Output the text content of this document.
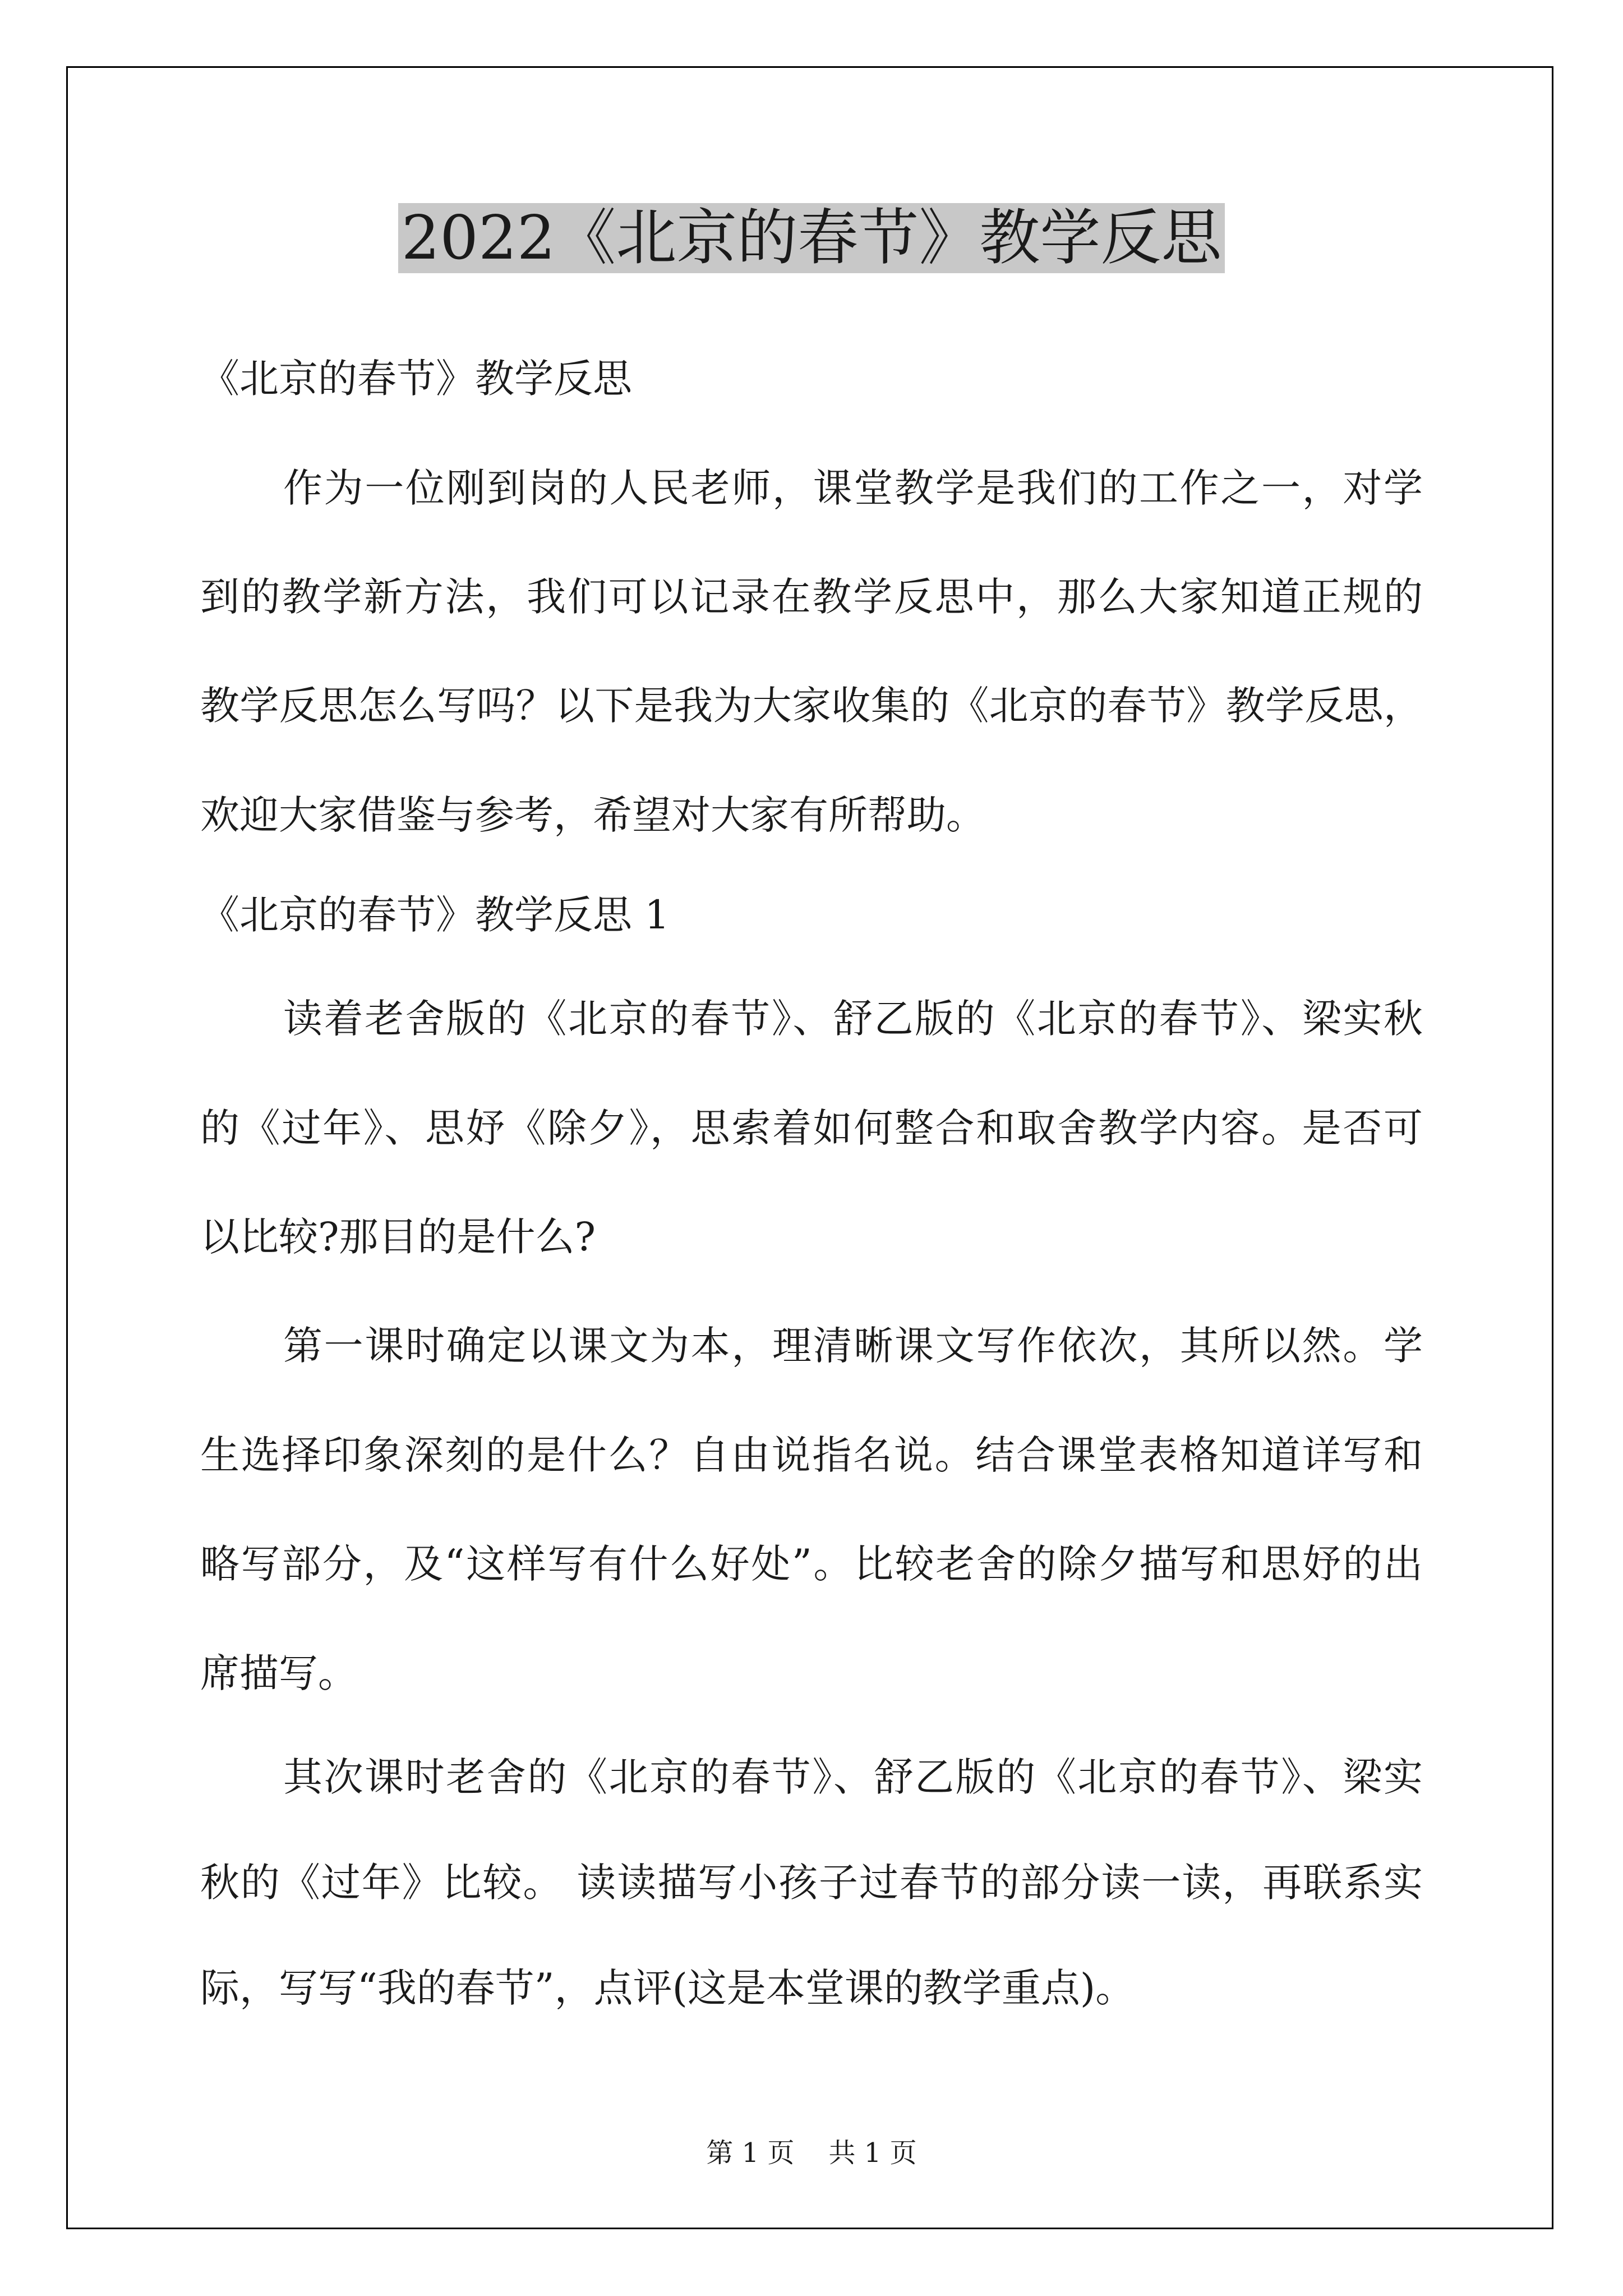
2022《北京的春节》教学反思
《北京的春节》教学反思
作为一位刚到岗的人民老师，课堂教学是我们的工作之一，对学
到的教学新方法，我们可以记录在教学反思中，那么大家知道正规的
教学反思怎么写吗？以下是我为大家收集的《北京的春节》教学反思，
欢迎大家借鉴与参考，希望对大家有所帮助。
《北京的春节》教学反思 1
读着老舍版的《北京的春节》、舒乙版的《北京的春节》、梁实秋
的《过年》、思妤《除夕》，思索着如何整合和取舍教学内容。是否可
以比较?那目的是什么?
第一课时确定以课文为本，理清晰课文写作依次，其所以然。学
生选择印象深刻的是什么？自由说指名说。结合课堂表格知道详写和
略写部分，及“这样写有什么好处”。比较老舍的除夕描写和思妤的出
席描写。
其次课时老舍的《北京的春节》、舒乙版的《北京的春节》、梁实
秋的《过年》比较。 读读描写小孩子过春节的部分读一读，再联系实
际，写写“我的春节”，点评(这是本堂课的教学重点)。
第 1 页    共 1 页
